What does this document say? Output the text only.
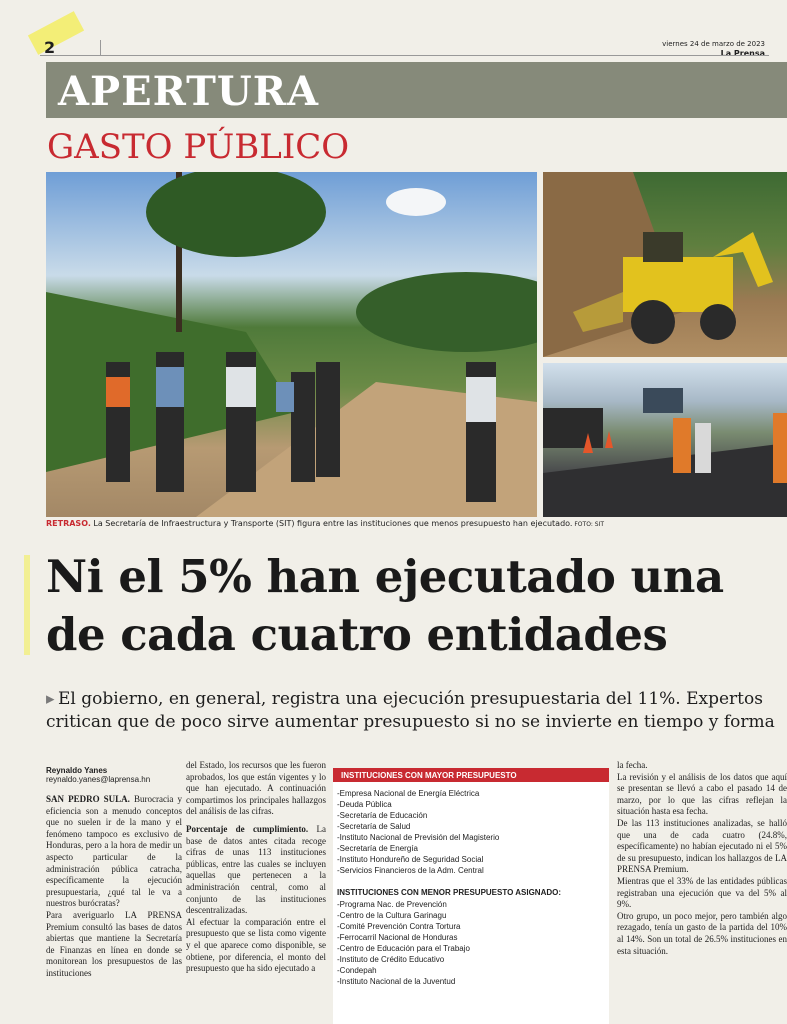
2	viernes 24 de marzo de 2023
La Prensa
APERTURA
GASTO PÚBLICO
RETRASO. La Secretaría de Infraestructura y Transporte (SIT) figura entre las instituciones que menos presupuesto han ejecutado. FOTO: SIT
Ni el 5% han ejecutado una de cada cuatro entidades
▸ El gobierno, en general, registra una ejecución presupuestaria del 11%. Expertos critican que de poco sirve aumentar presupuesto si no se invierte en tiempo y forma
Reynaldo Yanes
reynaldo.yanes@laprensa.hn

SAN PEDRO SULA. Burocracia y eficiencia son a menudo conceptos que no suelen ir de la mano y el fenómeno tampoco es exclusivo de Honduras, pero a la hora de medir un aspecto particular de la administración pública catracha, específicamente la ejecución presupuestaria, ¿qué tal le va a nuestros burócratas?

Para averiguarlo LA PRENSA Premium consultó las bases de datos abiertas que mantiene la Secretaría de Finanzas en línea en donde se monitorean los presupuestos de las instituciones

del Estado, los recursos que les fueron aprobados, los que están vigentes y lo que han ejecutado. A continuación compartimos los principales hallazgos del análisis de las cifras.

Porcentaje de cumplimiento. La base de datos antes citada recoge cifras de unas 113 instituciones públicas, entre las cuales se incluyen aquellas que pertenecen a la administración central, como al conjunto de las instituciones descentralizadas.

Al efectuar la comparación entre el presupuesto que se lista como vigente y el que aparece como disponible, se obtiene, por diferencia, el monto del presupuesto que ha sido ejecutado a

INSTITUCIONES CON MAYOR PRESUPUESTO
-Empresa Nacional de Energía Eléctrica
-Deuda Pública
-Secretaría de Educación
-Secretaría de Salud
-Instituto Nacional de Previsión del Magisterio
-Secretaría de Energía
-Instituto Hondureño de Seguridad Social
-Servicios Financieros de la Adm. Central
INSTITUCIONES CON MENOR PRESUPUESTO ASIGNADO:
-Programa Nac. de Prevención
-Centro de la Cultura Garinagu
-Comité Prevención Contra Tortura
-Ferrocarril Nacional de Honduras
-Centro de Educación para el Trabajo
-Instituto de Crédito Educativo
-Condepah
-Instituto Nacional de la Juventud

la fecha.

La revisión y el análisis de los datos que aquí se presentan se llevó a cabo el pasado 14 de marzo, por lo que las cifras reflejan la situación hasta esa fecha.

De las 113 instituciones analizadas, se halló que una de cada cuatro (24.8%, específicamente) no habían ejecutado ni el 5% de su presupuesto, indican los hallazgos de LA PRENSA Premium.

Mientras que el 33% de las entidades públicas registraban una ejecución que va del 5% al 9%.

Otro grupo, un poco mejor, pero también algo rezagado, tenía un gasto de la partida del 10% al 14%. Son un total de 26.5% instituciones en esta situación.
